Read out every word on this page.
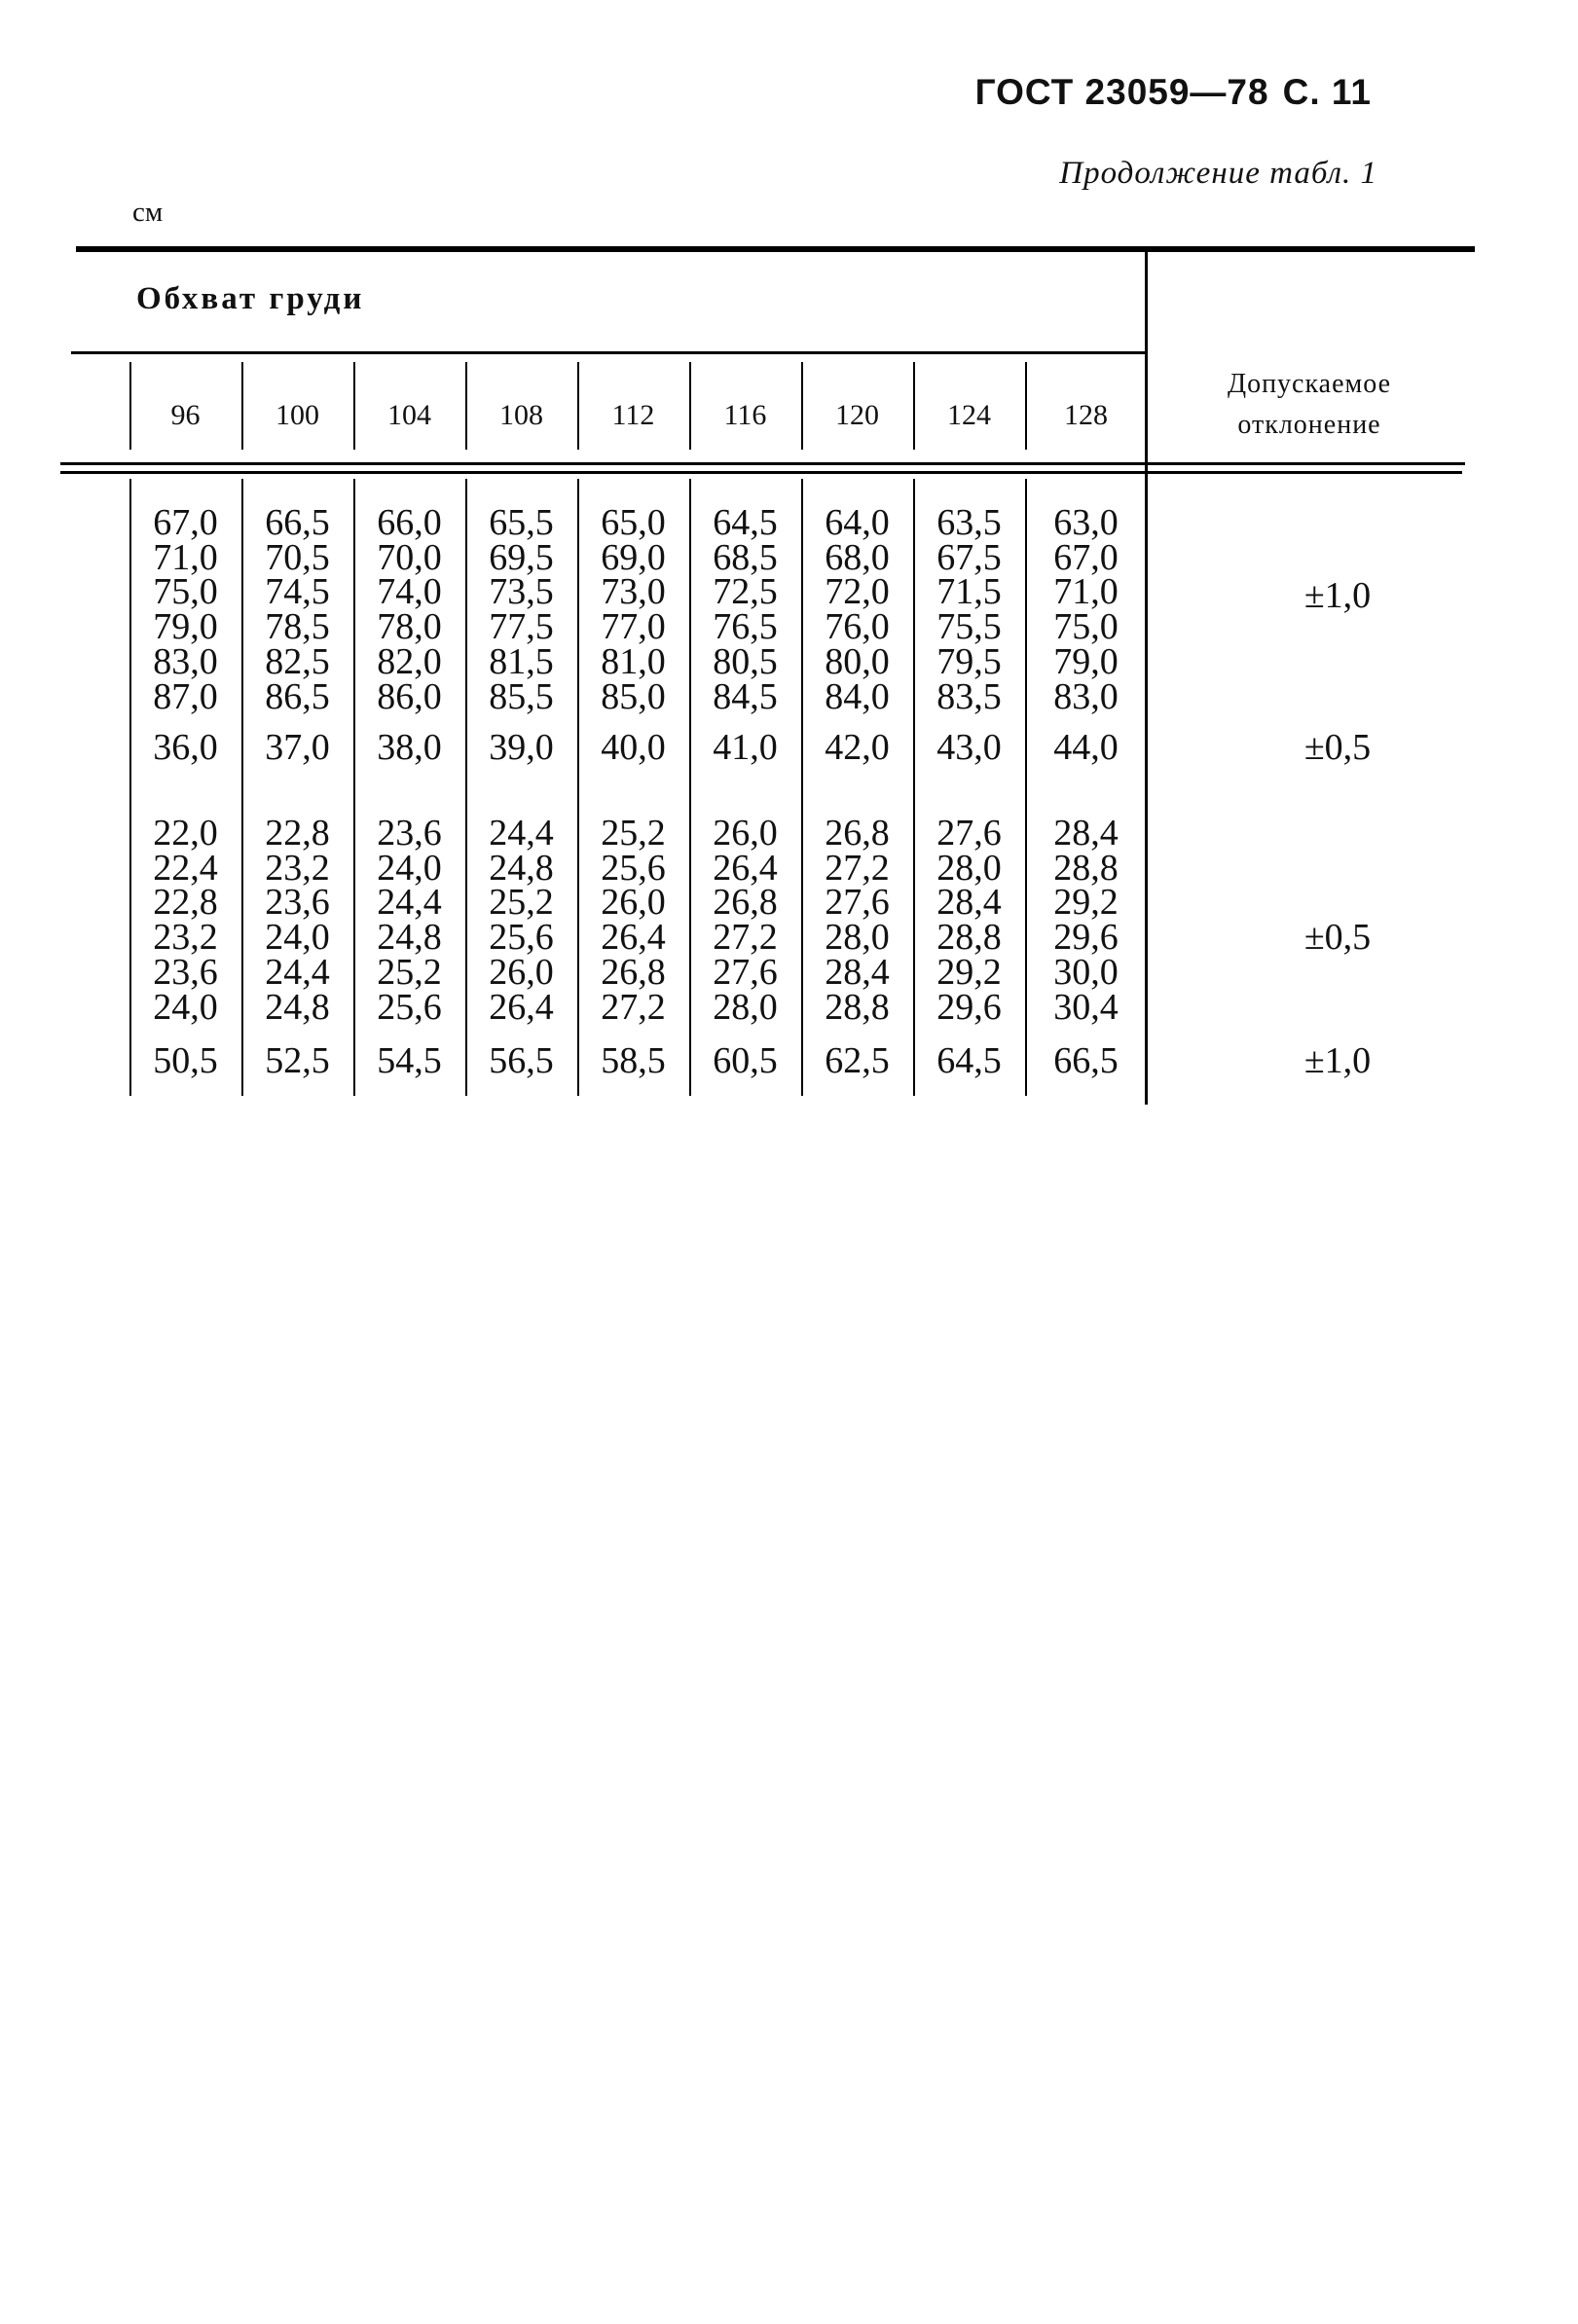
ГОСТ 23059—78 С. 11
Продолжение табл. 1
см
Обхват груди
Допускаемое
отклонение
96	100	104	108	112	116	120	124	128
67,0	66,5	66,0	65,5	65,0	64,5	64,0	63,5	63,0
71,0	70,5	70,0	69,5	69,0	68,5	68,0	67,5	67,0
75,0	74,5	74,0	73,5	73,0	72,5	72,0	71,5	71,0
79,0	78,5	78,0	77,5	77,0	76,5	76,0	75,5	75,0
83,0	82,5	82,0	81,5	81,0	80,5	80,0	79,5	79,0
87,0	86,5	86,0	85,5	85,0	84,5	84,0	83,5	83,0
±1,0
36,0	37,0	38,0	39,0	40,0	41,0	42,0	43,0	44,0	±0,5
22,0	22,8	23,6	24,4	25,2	26,0	26,8	27,6	28,4
22,4	23,2	24,0	24,8	25,6	26,4	27,2	28,0	28,8
22,8	23,6	24,4	25,2	26,0	26,8	27,6	28,4	29,2
23,2	24,0	24,8	25,6	26,4	27,2	28,0	28,8	29,6
23,6	24,4	25,2	26,0	26,8	27,6	28,4	29,2	30,0
24,0	24,8	25,6	26,4	27,2	28,0	28,8	29,6	30,4
±0,5
50,5	52,5	54,5	56,5	58,5	60,5	62,5	64,5	66,5	±1,0
